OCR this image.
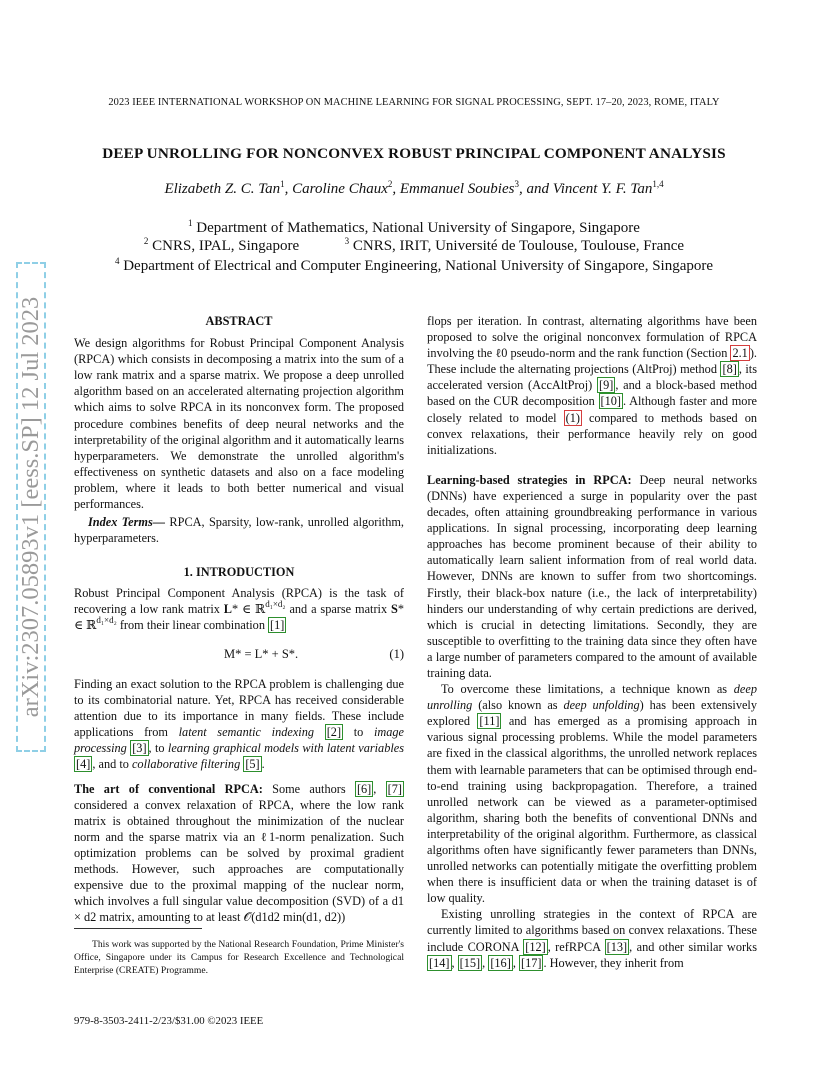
2023 IEEE INTERNATIONAL WORKSHOP ON MACHINE LEARNING FOR SIGNAL PROCESSING, SEPT. 17–20, 2023, ROME, ITALY
DEEP UNROLLING FOR NONCONVEX ROBUST PRINCIPAL COMPONENT ANALYSIS
Elizabeth Z. C. Tan$^1$, Caroline Chaux$^2$, Emmanuel Soubies$^3$, and Vincent Y. F. Tan$^{1,4}$
$^1$ Department of Mathematics, National University of Singapore, Singapore
$^2$ CNRS, IPAL, Singapore	$^3$ CNRS, IRIT, Université de Toulouse, Toulouse, France
$^4$ Department of Electrical and Computer Engineering, National University of Singapore, Singapore
arXiv:2307.05893v1 [eess.SP] 12 Jul 2023	ABSTRACT

We design algorithms for Robust Principal Component Analysis (RPCA) which consists in decomposing a matrix into the sum of a low rank matrix and a sparse matrix. We propose a deep unrolled algorithm based on an accelerated alternating projection algorithm which aims to solve RPCA in its nonconvex form. The proposed procedure combines benefits of deep neural networks and the interpretability of the original algorithm and it automatically learns hyperparameters. We demonstrate the unrolled algorithm's effectiveness on synthetic datasets and also on a face modeling problem, where it leads to both better numerical and visual performances.

Index Terms— RPCA, Sparsity, low-rank, unrolled algorithm, hyperparameters.

1. INTRODUCTION

Robust Principal Component Analysis (RPCA) is the task of recovering a low rank matrix L* ∈ ℝ$^{d_1\times d_2}$ and a sparse matrix S* ∈ ℝ$^{d_1\times d_2}$ from their linear combination [1]

M* = L* + S*.	(1)

Finding an exact solution to the RPCA problem is challenging due to its combinatorial nature. Yet, RPCA has received considerable attention due to its importance in many fields. These include applications from latent semantic indexing [2] to image processing [3] , to learning graphical models with latent variables [4] , and to collaborative filtering [5] .

The art of conventional RPCA: Some authors [6] , [7] considered a convex relaxation of RPCA, where the low rank matrix is obtained throughout the minimization of the nuclear norm and the sparse matrix via an ℓ1-norm penalization. Such optimization problems can be solved by proximal gradient methods. However, such approaches are computationally expensive due to the proximal mapping of the nuclear norm, which involves a full singular value decomposition (SVD) of a d1 × d2 matrix, amounting to at least 𝒪(d1d2 min(d1, d2))

This work was supported by the National Research Foundation, Prime Minister's Office, Singapore under its Campus for Research Excellence and Technological Enterprise (CREATE) Programme.
979-8-3503-2411-2/23/$31.00 ©2023 IEEE

flops per iteration. In contrast, alternating algorithms have been proposed to solve the original nonconvex formulation of RPCA involving the ℓ0 pseudo-norm and the rank function (Section 2.1 ). These include the alternating projections (AltProj) method [8] , its accelerated version (AccAltProj) [9] , and a block-based method based on the CUR decomposition [10] . Although faster and more closely related to model (1) compared to methods based on convex relaxations, their performance heavily rely on good initializations.

Learning-based strategies in RPCA: Deep neural networks (DNNs) have experienced a surge in popularity over the past decades, often attaining groundbreaking performance in various applications. In signal processing, incorporating deep learning approaches has become prominent because of their ability to automatically learn salient information from of real world data. However, DNNs are known to suffer from two shortcomings. Firstly, their black-box nature (i.e., the lack of interpretability) hinders our understanding of why certain predictions are derived, which is crucial in detecting limitations. Secondly, they are susceptible to overfitting to the training data since they often have a large number of parameters compared to the amount of available training data.

To overcome these limitations, a technique known as deep unrolling (also known as deep unfolding) has been extensively explored [11] and has emerged as a promising approach in various signal processing problems. While the model parameters are fixed in the classical algorithms, the unrolled network replaces them with learnable parameters that can be optimised through end-to-end training using backpropagation. Therefore, a trained unrolled network can be viewed as a parameter-optimised algorithm, sharing both the benefits of conventional DNNs and interpretability of the original algorithm. Furthermore, as classical algorithms often have significantly fewer parameters than DNNs, unrolled networks can potentially mitigate the overfitting problem when there is insufficient data or when the training dataset is of low quality.

Existing unrolling strategies in the context of RPCA are currently limited to algorithms based on convex relaxations. These include CORONA [12] , refRPCA [13] , and other similar works [14] , [15] , [16] , [17] . However, they inherit from
